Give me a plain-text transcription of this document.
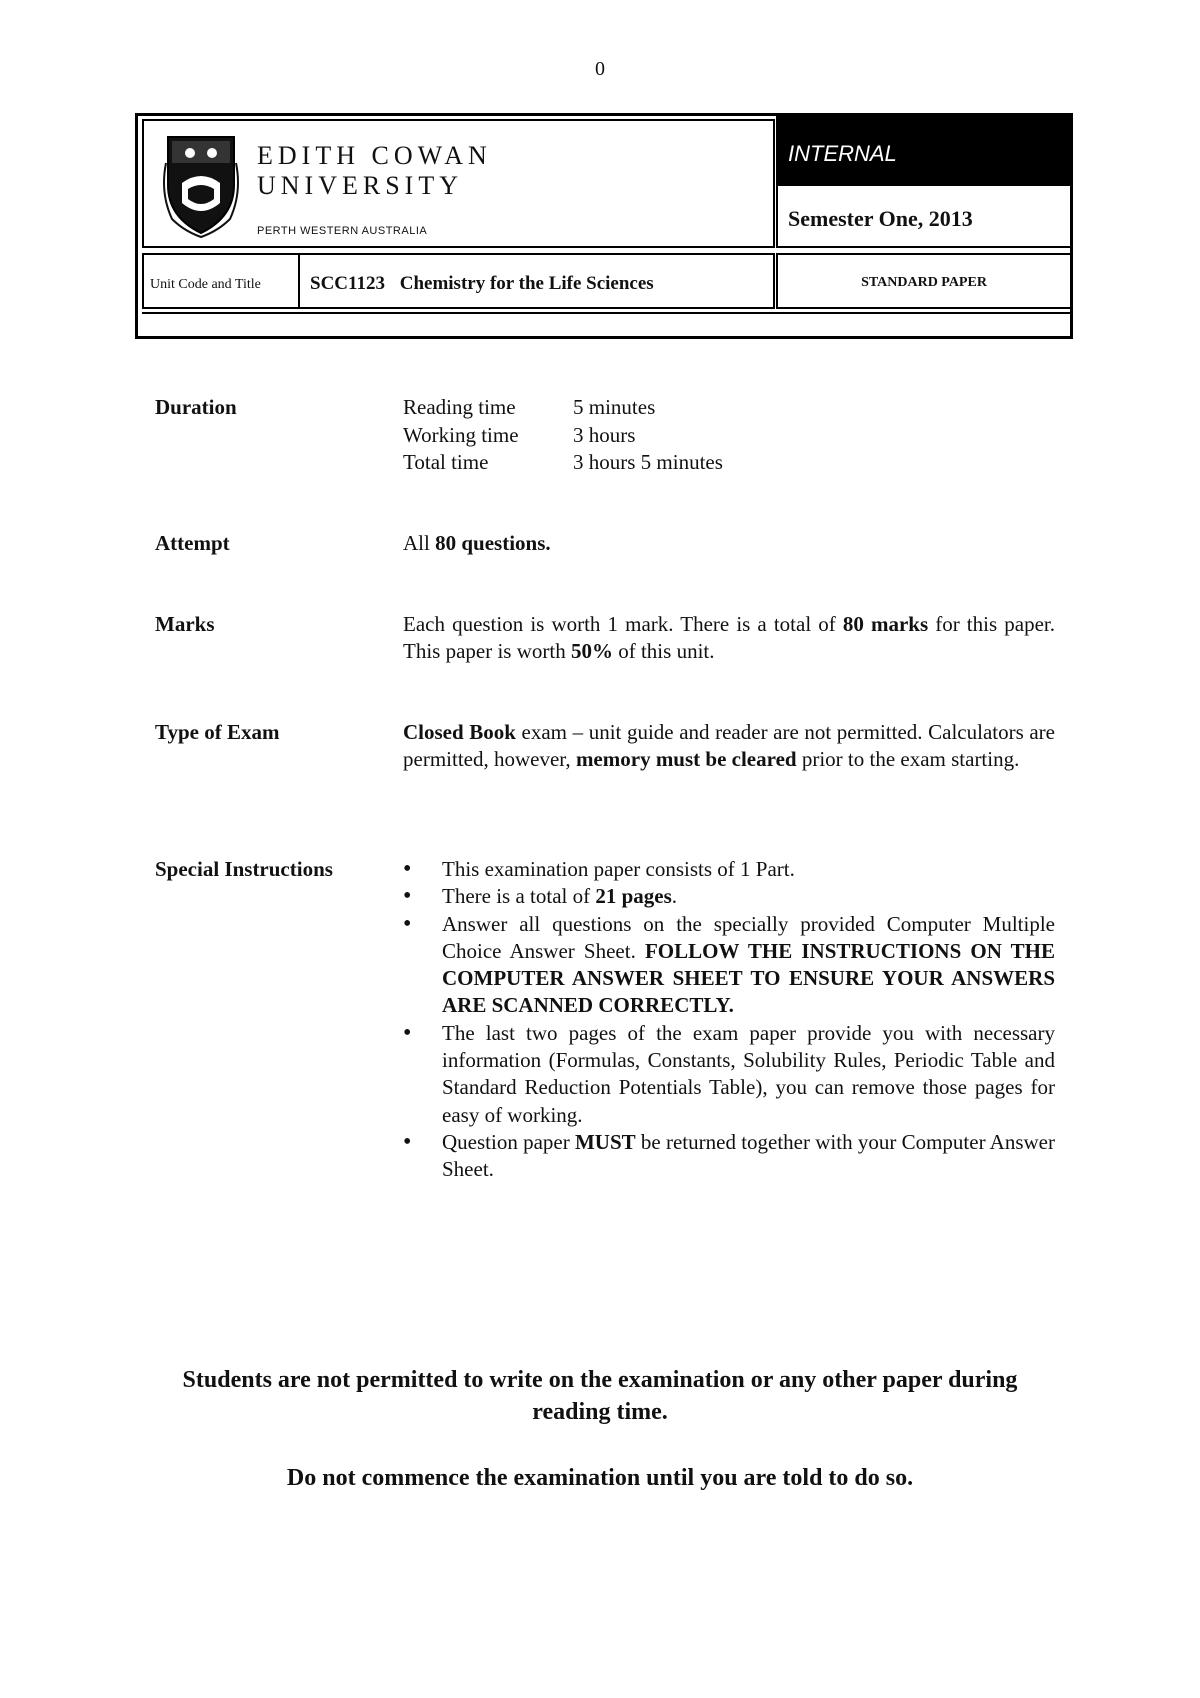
0
EDITH COWAN
UNIVERSITY
PERTH WESTERN AUSTRALIA
INTERNAL
Semester One, 2013
Unit Code and Title	SCC1123 Chemistry for the Life Sciences	STANDARD PAPER
Duration	Reading time	5 minutes
Working time	3 hours
Total time	3 hours 5 minutes
Attempt	All 80 questions.
Marks	Each question is worth 1 mark. There is a total of 80 marks for this paper. This paper is worth 50% of this unit.
Type of Exam	Closed Book exam – unit guide and reader are not permitted. Calculators are permitted, however, memory must be cleared prior to the exam starting.
Special Instructions	• This examination paper consists of 1 Part.
• There is a total of 21 pages.
• Answer all questions on the specially provided Computer Multiple Choice Answer Sheet. FOLLOW THE INSTRUCTIONS ON THE COMPUTER ANSWER SHEET TO ENSURE YOUR ANSWERS ARE SCANNED CORRECTLY.
• The last two pages of the exam paper provide you with necessary information (Formulas, Constants, Solubility Rules, Periodic Table and Standard Reduction Potentials Table), you can remove those pages for easy of working.
• Question paper MUST be returned together with your Computer Answer Sheet.
Students are not permitted to write on the examination or any other paper during reading time.
Do not commence the examination until you are told to do so.
